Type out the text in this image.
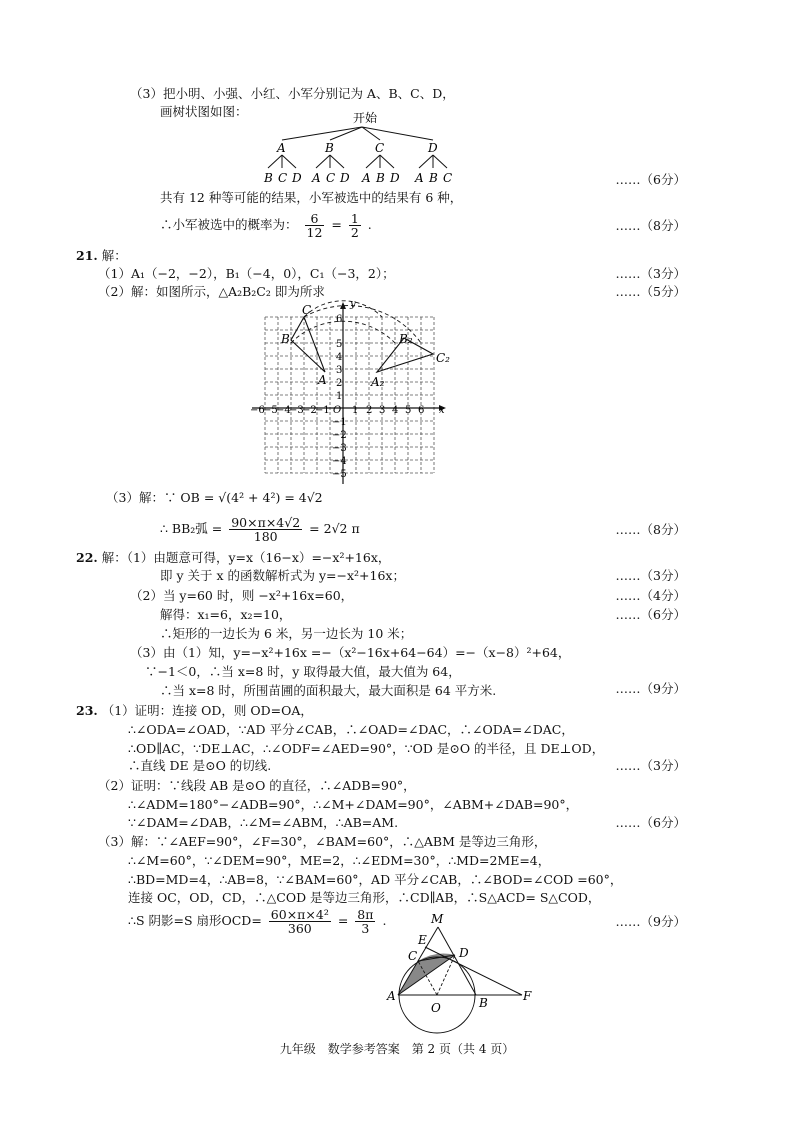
（3）把小明、小强、小红、小军分别记为 A、B、C、D，
画树状图如图：	开始
A	B	C	D
B C D A C D A B D A B C	……（6分）
共有 12 种等可能的结果，小军被选中的结果有 6 种，
∴小军被选中的概率为： $\frac{6}{12} = \frac{1}{2}$ .	……（8分）
21. 解：
（1）A₁（−2，−2），B₁（−4，0），C₁（−3，2）；	……（3分）
（2）解：如图所示，△A₂B₂C₂ 即为所求	……（5分）
−6
−5
−4
−3
−2
−1 O 1 2 3 4 5 6 x
y
1
2
3
4
5
6
−1
−2
−3
−4
−5
C
B
A
B₂
C₂
A₂
（3）解：∵ OB = √(4² + 4²) = 4√2
∴ BB₂弧 = $\frac{90\times\pi\times 4√2}{180} = 2√2$ π	……（8分）
22. 解：（1）由题意可得，y=x（16−x）=−x²+16x，
即 y 关于 x 的函数解析式为 y=−x²+16x；	……（3分）
（2）当 y=60 时，则 −x²+16x=60，	……（4分）
解得：x₁=6，x₂=10，	……（6分）
∴矩形的一边长为 6 米，另一边长为 10 米；
（3）由（1）知，y=−x²+16x =−（x²−16x+64−64）=−（x−8）²+64，
∵−1＜0，∴当 x=8 时，y 取得最大值，最大值为 64，
∴当 x=8 时，所围苗圃的面积最大，最大面积是 64 平方米.	……（9分）
23. （1）证明：连接 OD，则 OD=OA，
∴∠ODA=∠OAD，∵AD 平分∠CAB，∴∠OAD=∠DAC，∴∠ODA=∠DAC，
∴OD∥AC，∵DE⊥AC，∴∠ODF=∠AED=90°，∵OD 是⊙O 的半径，且 DE⊥OD，
∴直线 DE 是⊙O 的切线.	……（3分）
（2）证明：∵线段 AB 是⊙O 的直径，∴∠ADB=90°，
∴∠ADM=180°−∠ADB=90°，∴∠M+∠DAM=90°，∠ABM+∠DAB=90°，
∵∠DAM=∠DAB，∴∠M=∠ABM，∴AB=AM.	……（6分）
（3）解：∵∠AEF=90°，∠F=30°，∠BAM=60°，∴△ABM 是等边三角形，
∴∠M=60°，∵∠DEM=90°，ME=2，∴∠EDM=30°，∴MD=2ME=4，
∴BD=MD=4，∴AB=8，∵∠BAM=60°，AD 平分∠CAB，∴∠BOD=∠COD =60°，
连接 OC，OD，CD，∴△COD 是等边三角形，∴CD∥AB，∴S△ACD= S△COD，
∴S 阴影=S 扇形$OCD= \frac{\text{60×π×4²}}{360} = \frac{8\pi}{3}$ .	……（9分）
M
E
C	D
A
O	B	F
九年级　数学参考答案　第 2 页（共 4 页）
